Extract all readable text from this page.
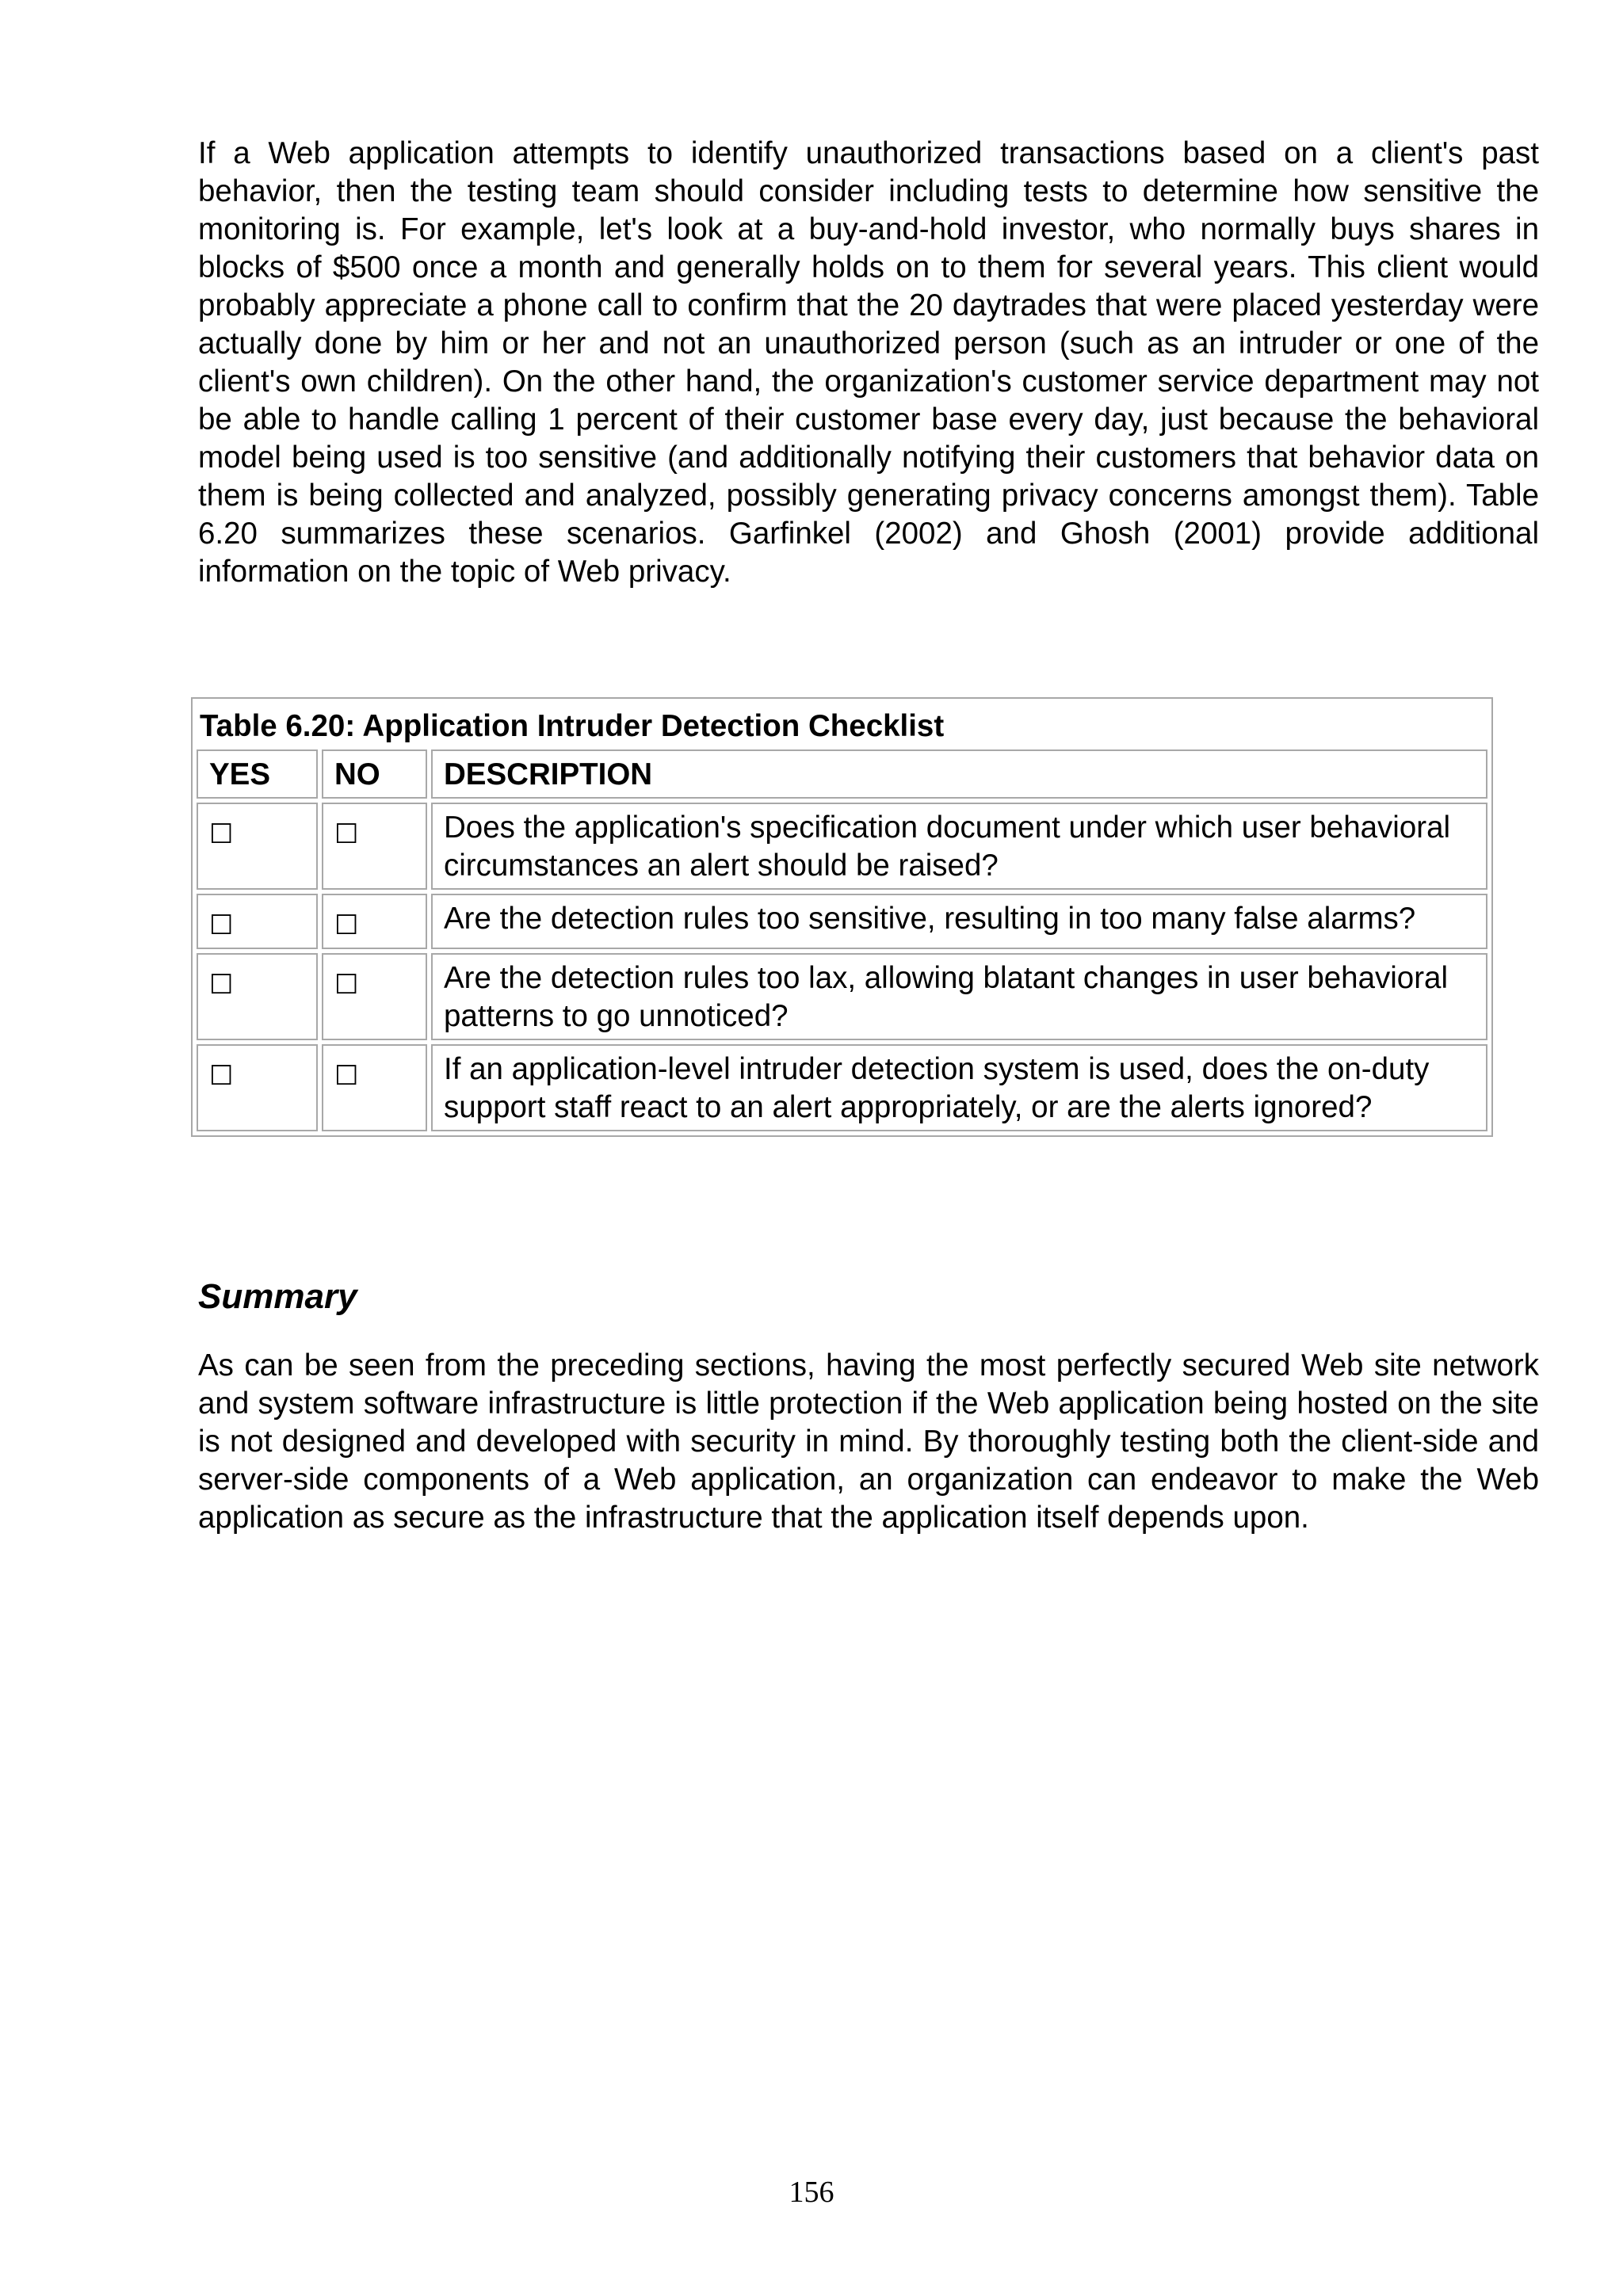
If a Web application attempts to identify unauthorized transactions based on a client's past behavior, then the testing team should consider including tests to determine how sensitive the monitoring is. For example, let's look at a buy-and-hold investor, who normally buys shares in blocks of $500 once a month and generally holds on to them for several years. This client would probably appreciate a phone call to confirm that the 20 daytrades that were placed yesterday were actually done by him or her and not an unauthorized person (such as an intruder or one of the client's own children). On the other hand, the organization's customer service department may not be able to handle calling 1 percent of their customer base every day, just because the behavioral model being used is too sensitive (and additionally notifying their customers that behavior data on them is being collected and analyzed, possibly generating privacy concerns amongst them). Table 6.20 summarizes these scenarios. Garfinkel (2002) and Ghosh (2001) provide additional information on the topic of Web privacy.

Table 6.20: Application Intruder Detection Checklist		
YES	NO	DESCRIPTION
☐	☐	Does the application's specification document under which user behavioral circumstances an alert should be raised?
☐	☐	Are the detection rules too sensitive, resulting in too many false alarms?
☐	☐	Are the detection rules too lax, allowing blatant changes in user behavioral patterns to go unnoticed?
☐	☐	If an application-level intruder detection system is used, does the on-duty support staff react to an alert appropriately, or are the alerts ignored?
Summary

As can be seen from the preceding sections, having the most perfectly secured Web site network and system software infrastructure is little protection if the Web application being hosted on the site is not designed and developed with security in mind. By thoroughly testing both the client-side and server-side components of a Web application, an organization can endeavor to make the Web application as secure as the infrastructure that the application itself depends upon.

156
